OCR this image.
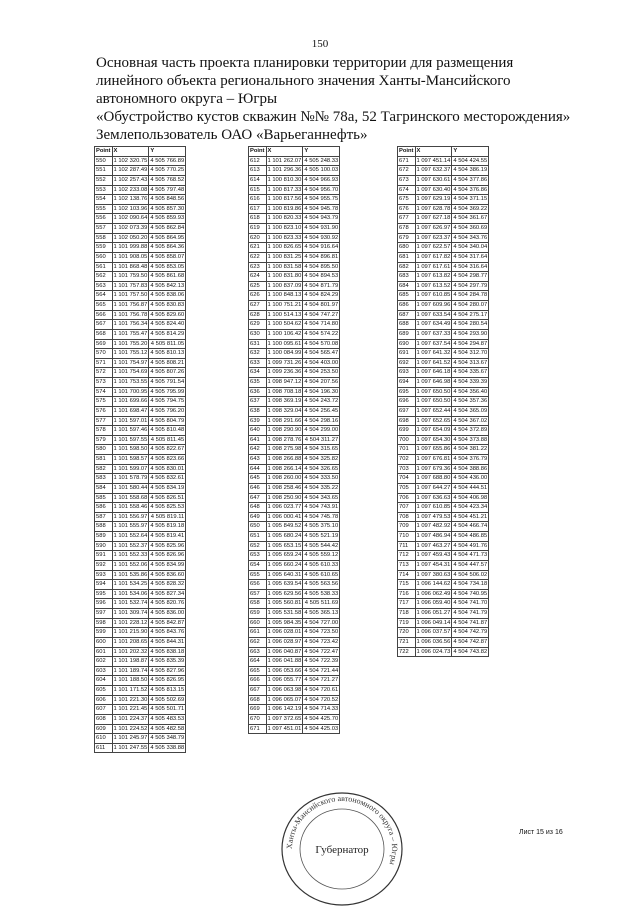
150
Основная часть проекта планировки территории для размещения
линейного объекта регионального значения Ханты-Мансийского
автономного округа – Югры
«Обустройство кустов скважин №№ 78а, 52 Тагринского месторождения»
Землепользователь ОАО «Варьеганнефть»
Point	X	Y
550	1 102 320.75	4 505 766.89
551	1 102 287.49	4 505 770.25
552	1 102 257.43	4 505 768.52
553	1 102 233.08	4 505 797.48
554	1 102 138.76	4 505 848.56
555	1 102 103.96	4 505 857.30
556	1 102 090.64	4 505 859.93
557	1 102 073.39	4 505 862.84
558	1 102 050.20	4 505 864.95
559	1 101 999.88	4 505 864.36
560	1 101 908.05	4 505 858.07
561	1 101 868.48	4 505 853.05
562	1 101 759.50	4 505 861.68
563	1 101 757.83	4 505 842.13
564	1 101 757.50	4 505 838.06
565	1 101 756.87	4 505 830.83
566	1 101 756.78	4 505 829.60
567	1 101 756.34	4 505 824.40
568	1 101 755.47	4 505 814.29
569	1 101 755.20	4 505 811.05
570	1 101 755.12	4 505 810.13
571	1 101 754.97	4 505 808.21
572	1 101 754.69	4 505 807.26
573	1 101 753.55	4 505 791.54
574	1 101 700.95	4 505 795.99
575	1 101 699.66	4 505 794.75
576	1 101 698.47	4 505 796.20
577	1 101 597.01	4 505 804.79
578	1 101 597.46	4 505 810.48
579	1 101 597.55	4 505 811.45
580	1 101 598.50	4 505 822.67
581	1 101 598.57	4 505 823.66
582	1 101 599.07	4 505 830.01
583	1 101 578.79	4 505 832.61
584	1 101 580.44	4 505 834.19
585	1 101 558.68	4 505 826.51
586	1 101 558.46	4 505 825.53
587	1 101 556.97	4 505 819.11
588	1 101 555.97	4 505 819.18
589	1 101 552.64	4 505 819.41
590	1 101 552.37	4 505 825.96
591	1 101 552.33	4 505 826.96
592	1 101 552.06	4 505 834.99
593	1 101 535.86	4 505 836.60
594	1 101 534.25	4 505 828.32
595	1 101 534.06	4 505 827.34
596	1 101 532.74	4 505 820.76
597	1 101 309.74	4 505 836.00
598	1 101 228.12	4 505 842.87
599	1 101 215.90	4 505 843.76
600	1 101 208.65	4 505 844.31
601	1 101 202.32	4 505 838.18
602	1 101 198.87	4 505 835.39
603	1 101 189.74	4 505 827.96
604	1 101 188.50	4 505 826.95
605	1 101 171.52	4 505 813.15
606	1 101 221.30	4 505 502.69
607	1 101 221.45	4 505 501.71
608	1 101 224.37	4 505 483.53
609	1 101 224.52	4 505 482.58
610	1 101 245.97	4 505 348.79
611	1 101 247.55	4 505 338.88
Point	X	Y
612	1 101 262.07	4 505 248.33
613	1 101 296.36	4 505 100.03
614	1 100 810.30	4 504 966.93
615	1 100 817.33	4 504 956.70
616	1 100 817.56	4 504 955.75
617	1 100 819.86	4 504 945.78
618	1 100 820.33	4 504 943.79
619	1 100 823.10	4 504 931.90
620	1 100 823.33	4 504 930.92
621	1 100 826.65	4 504 916.64
622	1 100 831.25	4 504 896.81
623	1 100 831.58	4 504 895.50
624	1 100 831.80	4 504 894.53
625	1 100 837.09	4 504 871.79
626	1 100 848.13	4 504 824.29
627	1 100 751.21	4 504 801.97
628	1 100 514.13	4 504 747.27
629	1 100 504.62	4 504 714.80
630	1 100 106.42	4 504 574.22
631	1 100 095.61	4 504 570.08
632	1 100 084.99	4 504 565.47
633	1 099 731.26	4 504 403.00
634	1 099 236.36	4 504 253.50
635	1 098 947.12	4 504 207.56
636	1 098 708.18	4 504 196.30
637	1 098 369.19	4 504 243.72
638	1 098 329.04	4 504 256.45
639	1 098 291.66	4 504 298.16
640	1 098 290.90	4 504 299.00
641	1 098 278.76	4 504 311.27
642	1 098 275.98	4 504 315.65
643	1 098 266.88	4 504 325.82
644	1 098 266.14	4 504 326.65
645	1 098 260.00	4 504 333.50
646	1 098 258.46	4 504 335.22
647	1 098 250.90	4 504 343.65
648	1 096 023.77	4 504 743.91
649	1 096 000.41	4 504 745.78
650	1 095 849.52	4 505 375.10
651	1 095 680.24	4 505 521.19
652	1 095 653.15	4 505 544.42
653	1 095 659.24	4 505 559.12
654	1 095 660.24	4 505 610.33
655	1 095 640.31	4 505 610.65
656	1 095 639.54	4 505 563.56
657	1 095 629.56	4 505 538.33
658	1 095 560.81	4 505 511.69
659	1 095 531.58	4 505 365.13
660	1 095 984.35	4 504 727.00
661	1 096 028.01	4 504 723.50
662	1 096 028.97	4 504 723.42
663	1 096 040.87	4 504 722.47
664	1 096 041.88	4 504 722.39
665	1 096 053.66	4 504 721.44
666	1 096 055.77	4 504 721.27
667	1 096 063.98	4 504 720.61
668	1 096 065.07	4 504 720.52
669	1 096 142.19	4 504 714.33
670	1 097 372.65	4 504 425.70
671	1 097 451.01	4 504 425.03
Point	X	Y
671	1 097 451.14	4 504 424.55
672	1 097 632.37	4 504 386.19
673	1 097 630.61	4 504 377.86
674	1 097 630.40	4 504 376.86
675	1 097 629.19	4 504 371.15
676	1 097 628.78	4 504 369.22
677	1 097 627.18	4 504 361.67
678	1 097 626.97	4 504 360.69
679	1 097 623.37	4 504 343.76
680	1 097 622.57	4 504 340.04
681	1 097 617.82	4 504 317.64
682	1 097 617.61	4 504 316.64
683	1 097 613.82	4 504 298.77
684	1 097 613.52	4 504 297.79
685	1 097 610.85	4 504 284.78
686	1 097 609.96	4 504 280.07
687	1 097 633.54	4 504 275.17
688	1 097 634.49	4 504 280.54
689	1 097 637.33	4 504 293.90
690	1 097 637.54	4 504 294.87
691	1 097 641.32	4 504 312.70
692	1 097 641.52	4 504 313.67
693	1 097 646.18	4 504 335.67
694	1 097 646.98	4 504 339.39
695	1 097 650.50	4 504 356.40
696	1 097 650.50	4 504 357.36
697	1 097 652.44	4 504 365.09
698	1 097 652.65	4 504 367.02
699	1 097 654.09	4 504 372.89
700	1 097 654.30	4 504 373.88
701	1 097 655.86	4 504 381.22
702	1 097 676.81	4 504 376.79
703	1 097 679.36	4 504 388.86
704	1 097 688.80	4 504 436.00
705	1 097 644.27	4 504 444.51
706	1 097 636.63	4 504 406.98
707	1 097 610.85	4 504 423.34
708	1 097 479.53	4 504 451.21
709	1 097 482.92	4 504 466.74
710	1 097 486.94	4 504 486.85
711	1 097 463.27	4 504 491.76
712	1 097 459.43	4 504 471.73
713	1 097 454.31	4 504 447.57
714	1 097 380.63	4 504 506.02
715	1 096 144.62	4 504 734.18
716	1 096 062.49	4 504 740.95
717	1 096 059.40	4 504 741.70
718	1 096 051.27	4 504 741.79
719	1 096 049.14	4 504 741.87
720	1 096 037.57	4 504 742.79
721	1 096 036.56	4 504 742.87
722	1 096 024.73	4 504 743.82
Ханты-Мансийского автономного округа – Югры
Губернатор
Лист 15 из 16
